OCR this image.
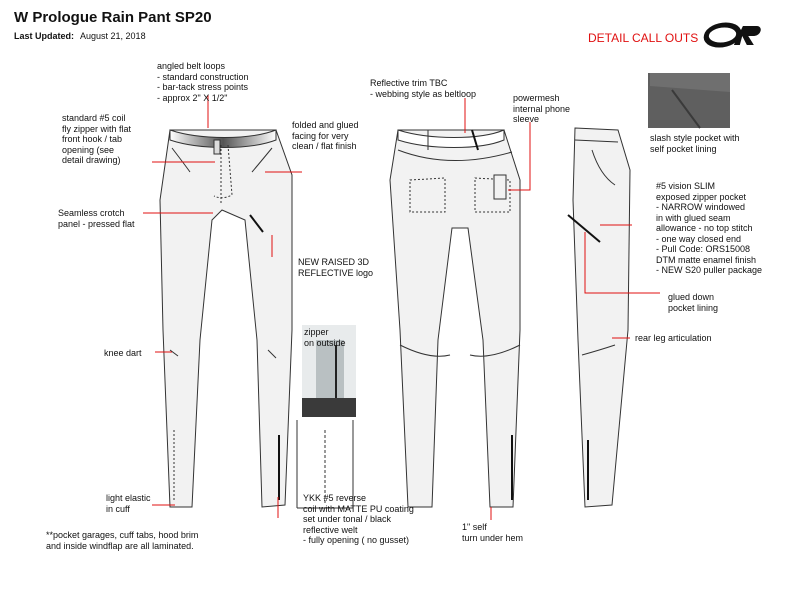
W Prologue Rain Pant SP20
Last Updated: August 21, 2018	DETAIL CALL OUTS
angled belt loops
- standard construction
- bar-tack stress points
- approx 2" X 1/2"
standard #5 coil
fly zipper with flat
front hook / tab
opening (see
detail drawing)
folded and glued
facing for very
clean / flat finish
Seamless crotch
panel - pressed flat
NEW RAISED 3D
REFLECTIVE logo
knee dart
light elastic
in cuff
zipper
on outside
YKK #5 reverse
coil with MATTE PU coating
set under tonal / black
reflective welt
- fully opening ( no gusset)
Reflective trim TBC
- webbing style as beltloop	powermesh
internal phone
sleeve
slash style pocket with
self pocket lining
#5 vision SLIM
exposed zipper pocket
- NARROW windowed
in with glued seam
allowance - no top stitch
- one way closed end
- Pull Code: ORS15008
DTM matte enamel finish
- NEW S20 puller package
glued down
pocket lining
rear leg articulation
1" self
turn under hem
**pocket garages, cuff tabs, hood brim
and inside windflap are all laminated.
